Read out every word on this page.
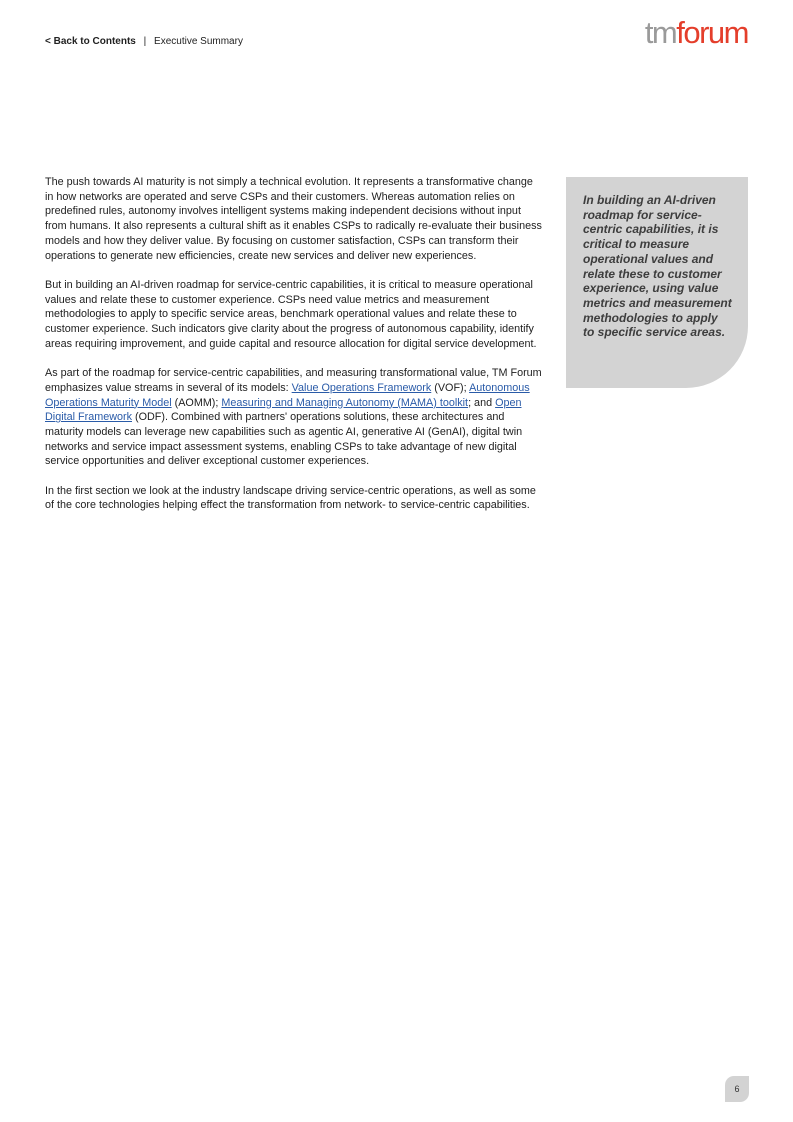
< Back to Contents | Executive Summary	tmforum

The push towards AI maturity is not simply a technical evolution. It represents a transformative change in how networks are operated and serve CSPs and their customers. Whereas automation relies on predefined rules, autonomy involves intelligent systems making independent decisions without input from humans. It also represents a cultural shift as it enables CSPs to radically re-evaluate their business models and how they deliver value. By focusing on customer satisfaction, CSPs can transform their operations to generate new efficiencies, create new services and deliver new experiences.

But in building an AI-driven roadmap for service-centric capabilities, it is critical to measure operational values and relate these to customer experience. CSPs need value metrics and measurement methodologies to apply to specific service areas, benchmark operational values and relate these to customer experience. Such indicators give clarity about the progress of autonomous capability, identify areas requiring improvement, and guide capital and resource allocation for digital service development.

As part of the roadmap for service-centric capabilities, and measuring transformational value, TM Forum emphasizes value streams in several of its models: Value Operations Framework (VOF); Autonomous Operations Maturity Model (AOMM); Measuring and Managing Autonomy (MAMA) toolkit; and Open Digital Framework (ODF). Combined with partners' operations solutions, these architectures and maturity models can leverage new capabilities such as agentic AI, generative AI (GenAI), digital twin networks and service impact assessment systems, enabling CSPs to take advantage of new digital service opportunities and deliver exceptional customer experiences.

In the first section we look at the industry landscape driving service-centric operations, as well as some of the core technologies helping effect the transformation from network- to service-centric capabilities.

In building an AI-driven roadmap for service-centric capabilities, it is critical to measure operational values and relate these to customer experience, using value metrics and measurement methodologies to apply to specific service areas.
6
